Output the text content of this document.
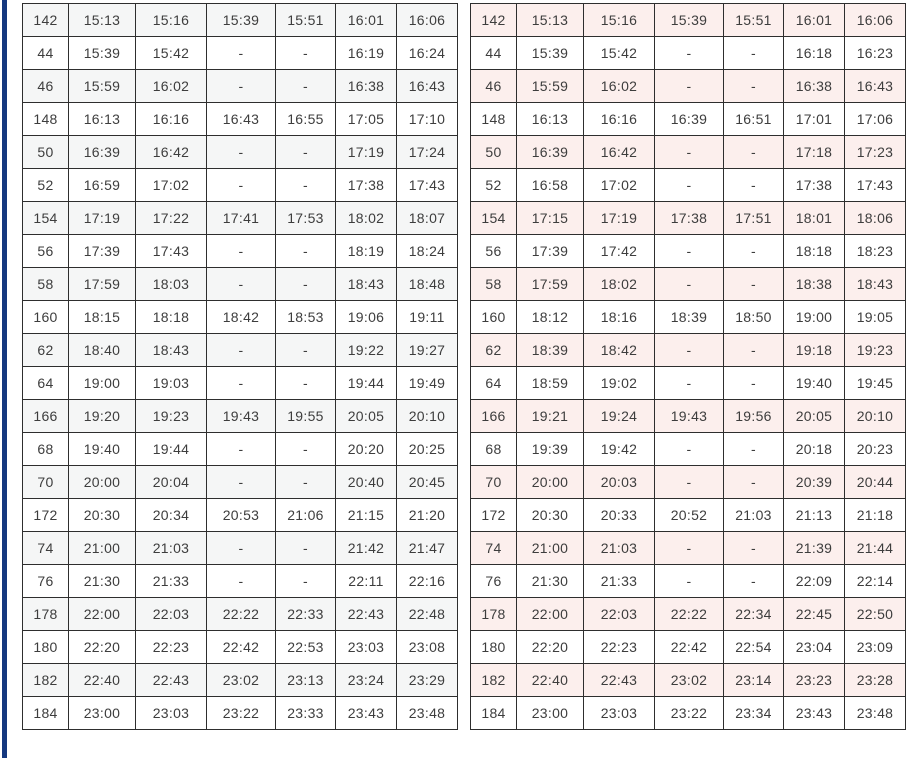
142	15:13	15:16	15:39	15:51	16:01	16:06
44	15:39	15:42	-	-	16:19	16:24
46	15:59	16:02	-	-	16:38	16:43
148	16:13	16:16	16:43	16:55	17:05	17:10
50	16:39	16:42	-	-	17:19	17:24
52	16:59	17:02	-	-	17:38	17:43
154	17:19	17:22	17:41	17:53	18:02	18:07
56	17:39	17:43	-	-	18:19	18:24
58	17:59	18:03	-	-	18:43	18:48
160	18:15	18:18	18:42	18:53	19:06	19:11
62	18:40	18:43	-	-	19:22	19:27
64	19:00	19:03	-	-	19:44	19:49
166	19:20	19:23	19:43	19:55	20:05	20:10
68	19:40	19:44	-	-	20:20	20:25
70	20:00	20:04	-	-	20:40	20:45
172	20:30	20:34	20:53	21:06	21:15	21:20
74	21:00	21:03	-	-	21:42	21:47
76	21:30	21:33	-	-	22:11	22:16
178	22:00	22:03	22:22	22:33	22:43	22:48
180	22:20	22:23	22:42	22:53	23:03	23:08
182	22:40	22:43	23:02	23:13	23:24	23:29
184	23:00	23:03	23:22	23:33	23:43	23:48
142	15:13	15:16	15:39	15:51	16:01	16:06
44	15:39	15:42	-	-	16:18	16:23
46	15:59	16:02	-	-	16:38	16:43
148	16:13	16:16	16:39	16:51	17:01	17:06
50	16:39	16:42	-	-	17:18	17:23
52	16:58	17:02	-	-	17:38	17:43
154	17:15	17:19	17:38	17:51	18:01	18:06
56	17:39	17:42	-	-	18:18	18:23
58	17:59	18:02	-	-	18:38	18:43
160	18:12	18:16	18:39	18:50	19:00	19:05
62	18:39	18:42	-	-	19:18	19:23
64	18:59	19:02	-	-	19:40	19:45
166	19:21	19:24	19:43	19:56	20:05	20:10
68	19:39	19:42	-	-	20:18	20:23
70	20:00	20:03	-	-	20:39	20:44
172	20:30	20:33	20:52	21:03	21:13	21:18
74	21:00	21:03	-	-	21:39	21:44
76	21:30	21:33	-	-	22:09	22:14
178	22:00	22:03	22:22	22:34	22:45	22:50
180	22:20	22:23	22:42	22:54	23:04	23:09
182	22:40	22:43	23:02	23:14	23:23	23:28
184	23:00	23:03	23:22	23:34	23:43	23:48
